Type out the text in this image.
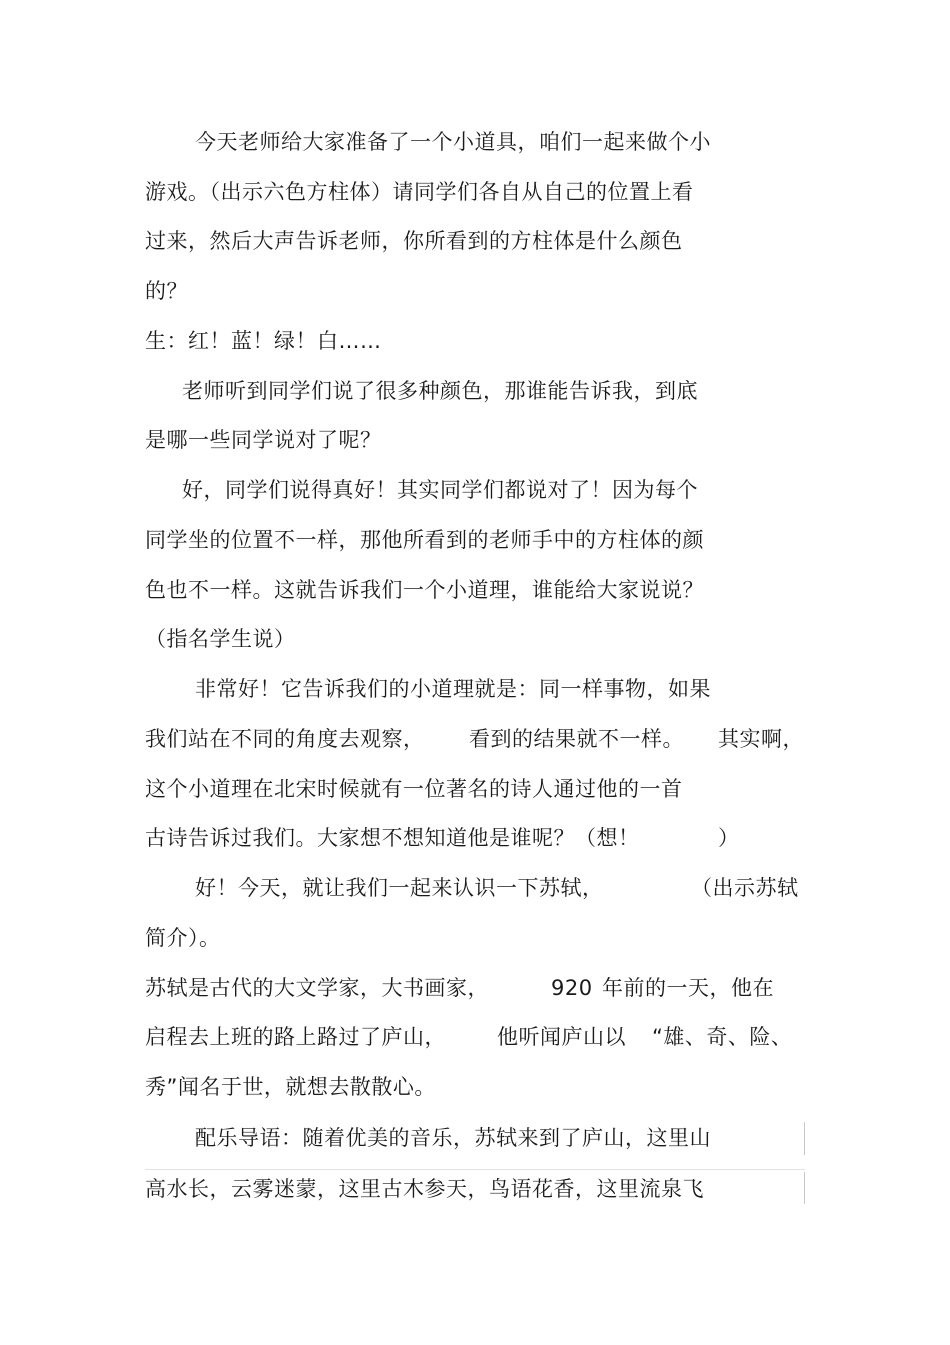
今天老师给大家准备了一个小道具，咱们一起来做个小
游戏。（出示六色方柱体）请同学们各自从自己的位置上看
过来，然后大声告诉老师，你所看到的方柱体是什么颜色
的？
生：红！蓝！绿！白……
老师听到同学们说了很多种颜色，那谁能告诉我，到底
是哪一些同学说对了呢？
好，同学们说得真好！其实同学们都说对了！因为每个
同学坐的位置不一样，那他所看到的老师手中的方柱体的颜
色也不一样。这就告诉我们一个小道理，谁能给大家说说？
（指名学生说）
非常好！它告诉我们的小道理就是：同一样事物，如果
我们站在不同的角度去观察， 看到的结果就不一样。 其实啊，
这个小道理在北宋时候就有一位著名的诗人通过他的一首
古诗告诉过我们。大家想不想知道他是谁呢？（想！	）
好！今天，就让我们一起来认识一下苏轼，	（出示苏轼
简介）。
苏轼是古代的大文学家，大书画家，	920 年前的一天，他在
启程去上班的路上路过了庐山， 他听闻庐山以 “雄、奇、险、
秀”闻名于世，就想去散散心。
配乐导语：随着优美的音乐，苏轼来到了庐山，这里山
高水长，云雾迷蒙，这里古木参天，鸟语花香，这里流泉飞
